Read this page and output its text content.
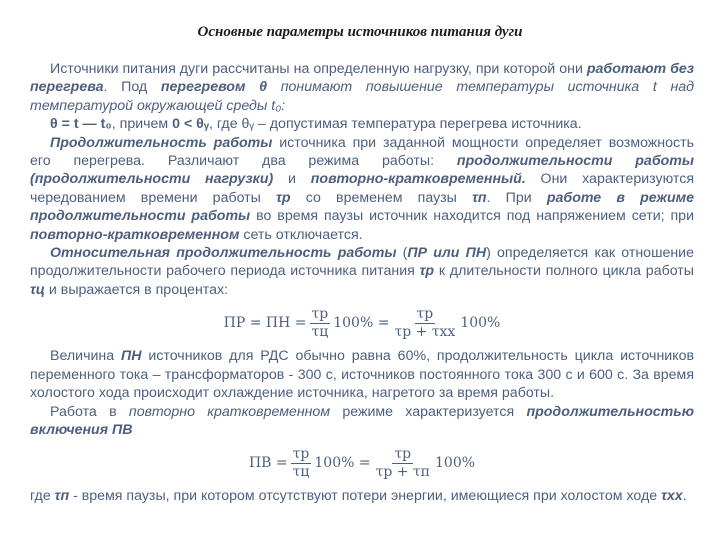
Основные параметры источников питания дуги

Источники питания дуги рассчитаны на определенную нагрузку, при которой они работают без перегрева. Под перегревом θ понимают повышение температуры источника t над температурой окружающей среды t₀:

θ = t — t₀, причем 0 < θᵧ, где θᵧ – допустимая температура перегрева источника.

Продолжительность работы источника при заданной мощности определяет возможность его перегрева. Различают два режима работы: продолжительности работы (продолжительности нагрузки) и повторно-кратковременный. Они характеризуются чередованием времени работы τр со временем паузы τп. При работе в режиме продолжительности работы во время паузы источник находится под напряжением сети; при повторно-кратковременном сеть отключается.

Относительная продолжительность работы (ПР или ПН) определяется как отношение продолжительности рабочего периода источника питания τр к длительности полного цикла работы τц и выражается в процентах:

ПР = ПН = $\frac{\tau р}{\tau ц} 100\% = \frac{\tau р}{\text{τр + τхх}} 100\%$

Величина ПН источников для РДС обычно равна 60%, продолжительность цикла источников переменного тока – трансформаторов - 300 с, источников постоянного тока 300 с и 600 с. За время холостого хода происходит охлаждение источника, нагретого за время работы.

Работа в повторно кратковременном режиме характеризуется продолжительностью включения ПВ

ПВ = $\frac{\tau р}{\tau ц} 100\% = \frac{\tau р}{\tau р + \tau п} 100\%$

где τп - время паузы, при котором отсутствуют потери энергии, имеющиеся при холостом ходе τхх.
